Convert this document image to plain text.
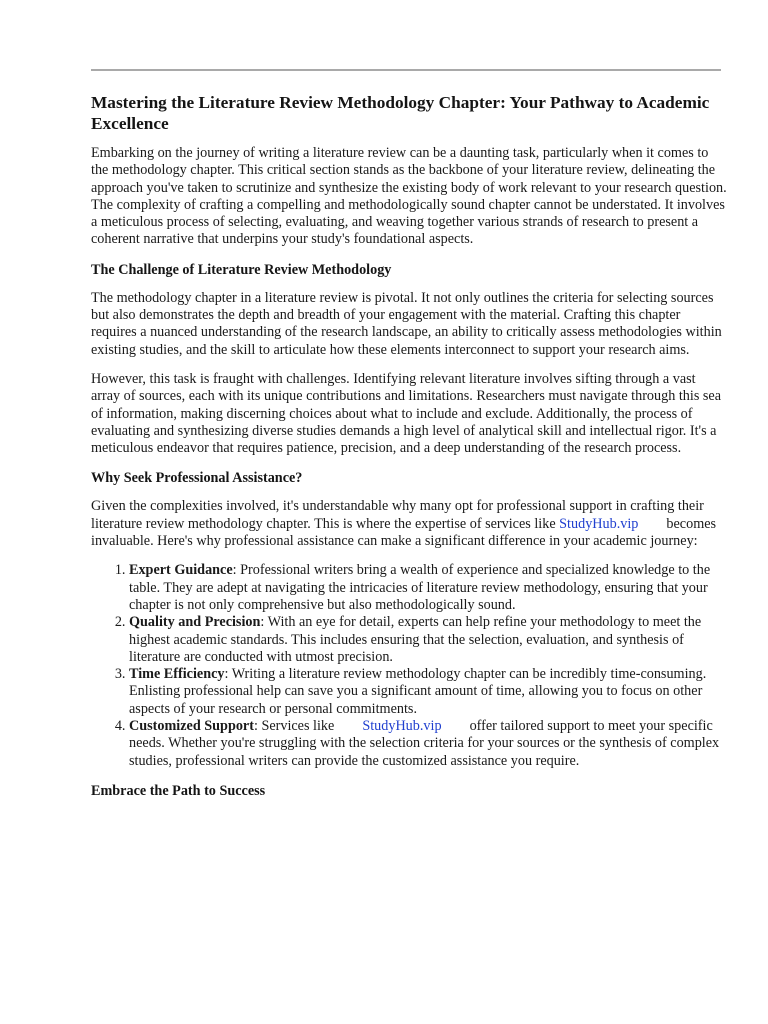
Mastering the Literature Review Methodology Chapter: Your Pathway to Academic Excellence

Embarking on the journey of writing a literature review can be a daunting task, particularly when it comes to the methodology chapter. This critical section stands as the backbone of your literature review, delineating the approach you've taken to scrutinize and synthesize the existing body of work relevant to your research question. The complexity of crafting a compelling and methodologically sound chapter cannot be understated. It involves a meticulous process of selecting, evaluating, and weaving together various strands of research to present a coherent narrative that underpins your study's foundational aspects.

The Challenge of Literature Review Methodology

The methodology chapter in a literature review is pivotal. It not only outlines the criteria for selecting sources but also demonstrates the depth and breadth of your engagement with the material. Crafting this chapter requires a nuanced understanding of the research landscape, an ability to critically assess methodologies within existing studies, and the skill to articulate how these elements interconnect to support your research aims.

However, this task is fraught with challenges. Identifying relevant literature involves sifting through a vast array of sources, each with its unique contributions and limitations. Researchers must navigate through this sea of information, making discerning choices about what to include and exclude. Additionally, the process of evaluating and synthesizing diverse studies demands a high level of analytical skill and intellectual rigor. It's a meticulous endeavor that requires patience, precision, and a deep understanding of the research process.

Why Seek Professional Assistance?

Given the complexities involved, it's understandable why many opt for professional support in crafting their literature review methodology chapter. This is where the expertise of services like StudyHub.vip becomes invaluable. Here's why professional assistance can make a significant difference in your academic journey:

1. Expert Guidance: Professional writers bring a wealth of experience and specialized knowledge to the table. They are adept at navigating the intricacies of literature review methodology, ensuring that your chapter is not only comprehensive but also methodologically sound.
2. Quality and Precision: With an eye for detail, experts can help refine your methodology to meet the highest academic standards. This includes ensuring that the selection, evaluation, and synthesis of literature are conducted with utmost precision.
3. Time Efficiency: Writing a literature review methodology chapter can be incredibly time-consuming. Enlisting professional help can save you a significant amount of time, allowing you to focus on other aspects of your research or personal commitments.
4. Customized Support: Services like StudyHub.vip offer tailored support to meet your specific needs. Whether you're struggling with the selection criteria for your sources or the synthesis of complex studies, professional writers can provide the customized assistance you require.
Embrace the Path to Success
